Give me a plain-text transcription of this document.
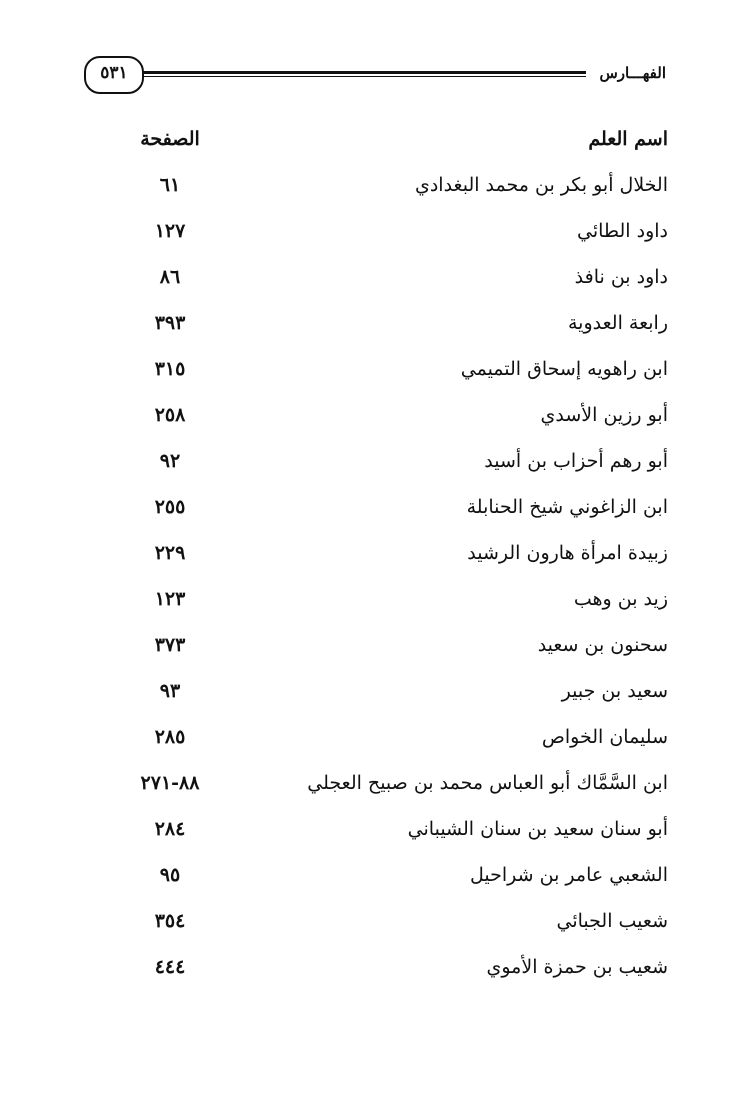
٥٣١	الفهـــارس
اسم العلم
الصفحة
الخلال أبو بكر بن محمد البغدادي
٦١
داود الطائي
١٢٧
داود بن نافذ
٨٦
رابعة العدوية
٣٩٣
ابن راهويه إسحاق التميمي
٣١٥
أبو رزين الأسدي
٢٥٨
أبو رهم أحزاب بن أسيد
٩٢
ابن الزاغوني شيخ الحنابلة
٢٥٥
زبيدة امرأة هارون الرشيد
٢٢٩
زيد بن وهب
١٢٣
سحنون بن سعيد
٣٧٣
سعيد بن جبير
٩٣
سليمان الخواص
٢٨٥
ابن السَّمَّاك أبو العباس محمد بن صبيح العجلي
٨٨-٢٧١
أبو سنان سعيد بن سنان الشيباني
٢٨٤
الشعبي عامر بن شراحيل
٩٥
شعيب الجبائي
٣٥٤
شعيب بن حمزة الأموي
٤٤٤
